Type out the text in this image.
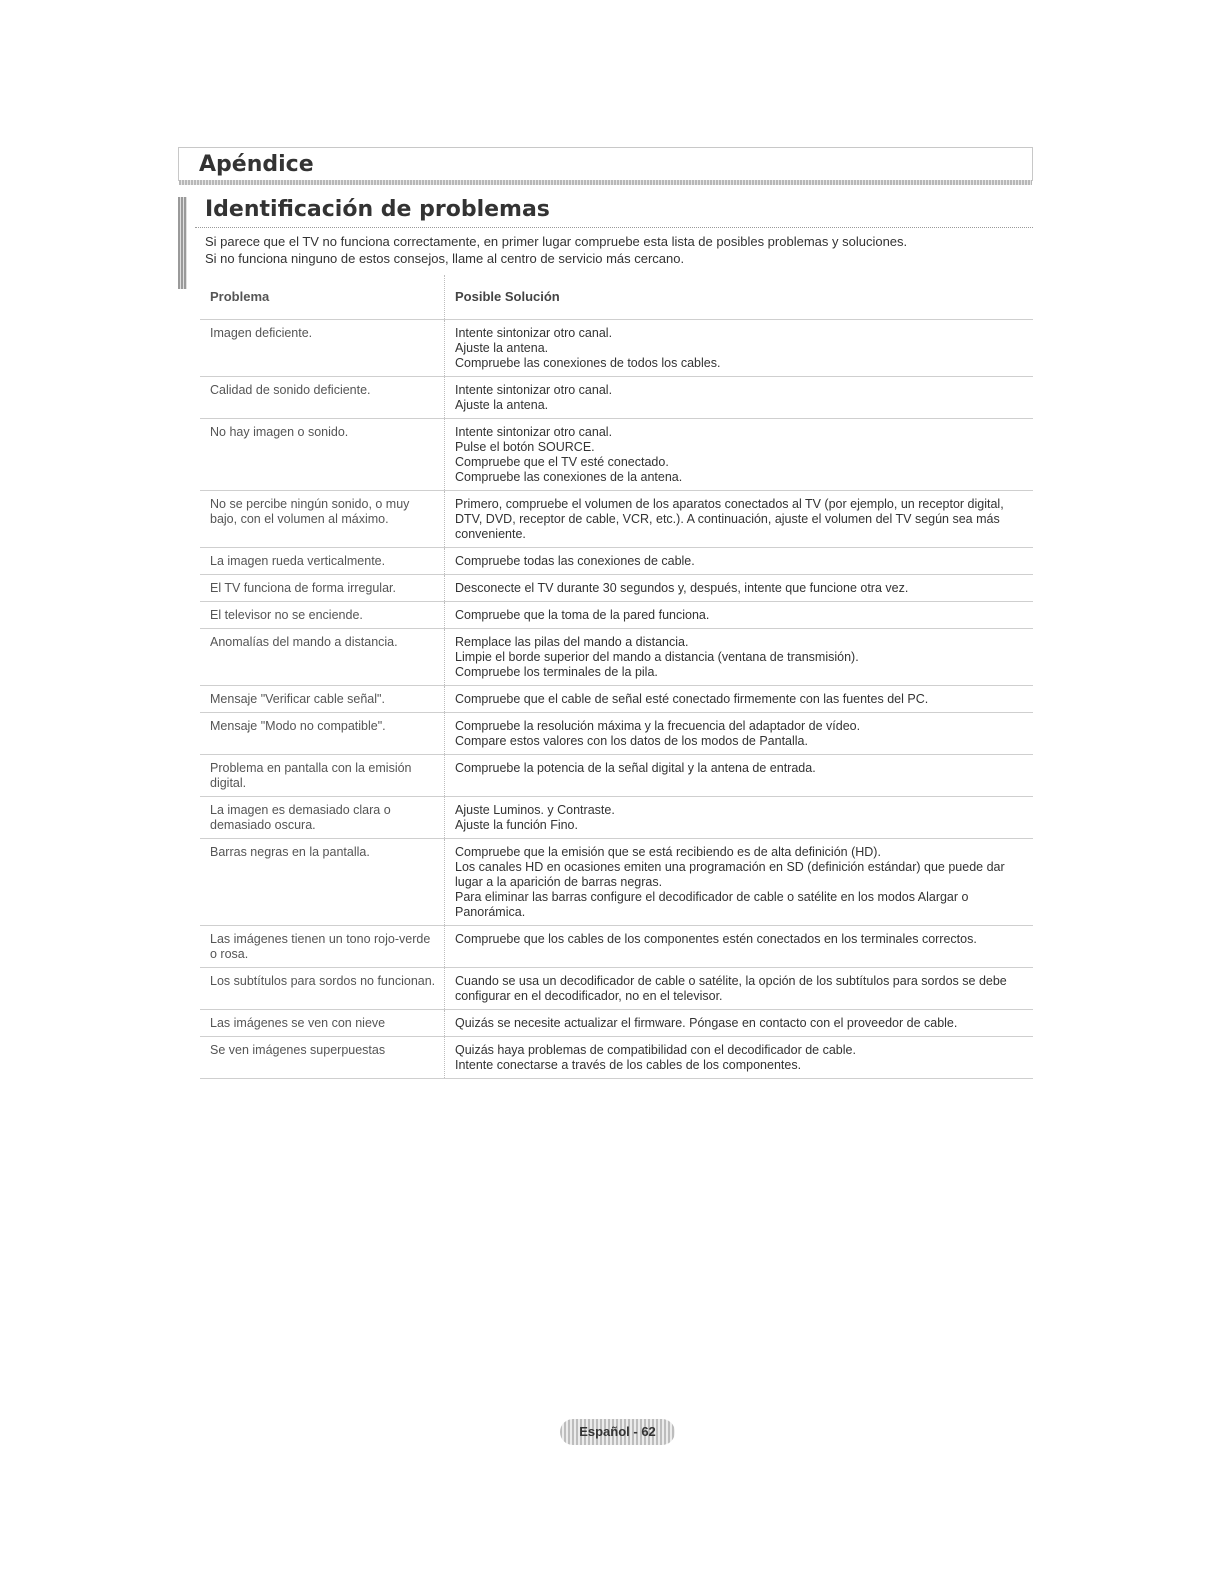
Apéndice
Identificación de problemas

Si parece que el TV no funciona correctamente, en primer lugar compruebe esta lista de posibles problemas y soluciones.

Si no funciona ninguno de estos consejos, llame al centro de servicio más cercano.

Problema	Posible Solución
Imagen deficiente.	Intente sintonizar otro canal.
Ajuste la antena.
Compruebe las conexiones de todos los cables.

Calidad de sonido deficiente.	Intente sintonizar otro canal.
Ajuste la antena.

No hay imagen o sonido.	Intente sintonizar otro canal.
Pulse el botón SOURCE.
Compruebe que el TV esté conectado.
Compruebe las conexiones de la antena.

No se percibe ningún sonido, o muy bajo, con el volumen al máximo.	Primero, compruebe el volumen de los aparatos conectados al TV (por ejemplo, un receptor digital, DTV, DVD, receptor de cable, VCR, etc.). A continuación, ajuste el volumen del TV según sea más conveniente.

La imagen rueda verticalmente.	Compruebe todas las conexiones de cable.

El TV funciona de forma irregular.	Desconecte el TV durante 30 segundos y, después, intente que funcione otra vez.

El televisor no se enciende.	Compruebe que la toma de la pared funciona.

Anomalías del mando a distancia.	Remplace las pilas del mando a distancia.
Limpie el borde superior del mando a distancia (ventana de transmisión).
Compruebe los terminales de la pila.

Mensaje "Verificar cable señal".	Compruebe que el cable de señal esté conectado firmemente con las fuentes del PC.

Mensaje "Modo no compatible".	Compruebe la resolución máxima y la frecuencia del adaptador de vídeo.
Compare estos valores con los datos de los modos de Pantalla.

Problema en pantalla con la emisión digital.	Compruebe la potencia de la señal digital y la antena de entrada.

La imagen es demasiado clara o demasiado oscura.	Ajuste Luminos. y Contraste.
Ajuste la función Fino.

Barras negras en la pantalla.	Compruebe que la emisión que se está recibiendo es de alta definición (HD).
Los canales HD en ocasiones emiten una programación en SD (definición estándar) que puede dar lugar a la aparición de barras negras.
Para eliminar las barras configure el decodificador de cable o satélite en los modos Alargar o Panorámica.

Las imágenes tienen un tono rojo-verde o rosa.	Compruebe que los cables de los componentes estén conectados en los terminales correctos.

Los subtítulos para sordos no funcionan.	Cuando se usa un decodificador de cable o satélite, la opción de los subtítulos para sordos se debe configurar en el decodificador, no en el televisor.

Las imágenes se ven con nieve	Quizás se necesite actualizar el firmware. Póngase en contacto con el proveedor de cable.

Se ven imágenes superpuestas	Quizás haya problemas de compatibilidad con el decodificador de cable.
Intente conectarse a través de los cables de los componentes.
Español - 62
